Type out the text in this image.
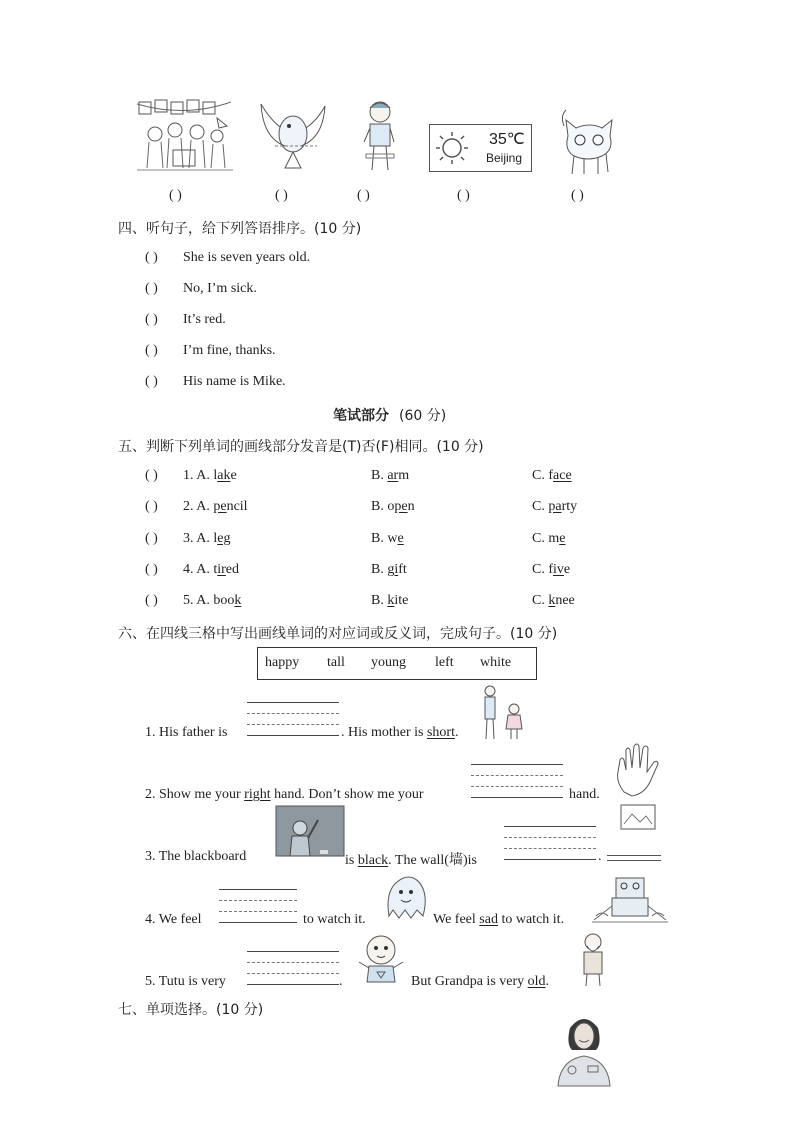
35℃
Beijing
( )	( )	( )	( )	( )
四、听句子，给下列答语排序。(10 分)
( ) She is seven years old.
( ) No, I’m sick.
( ) It’s red.
( ) I’m fine, thanks.
( ) His name is Mike.
笔试部分 (60 分)
五、判断下列单词的画线部分发音是(T)否(F)相同。(10 分)
( ) 1. A. lake	B. arm	C. face
( ) 2. A. pencil	B. open	C. party
( ) 3. A. leg	B. we	C. me
( ) 4. A. tired	B. gift	C. five
( ) 5. A. book	B. kite	C. knee
六、在四线三格中写出画线单词的对应词或反义词，完成句子。(10 分)
happy tall young left white
1. His father is	. His mother is short.
2. Show me your right hand. Don’t show me your	hand.
3. The blackboard	is black. The wall(墙)is	.
4. We feel	to watch it.	We feel sad to watch it.
5. Tutu is very	.	But Grandpa is very old.
七、单项选择。(10 分)
